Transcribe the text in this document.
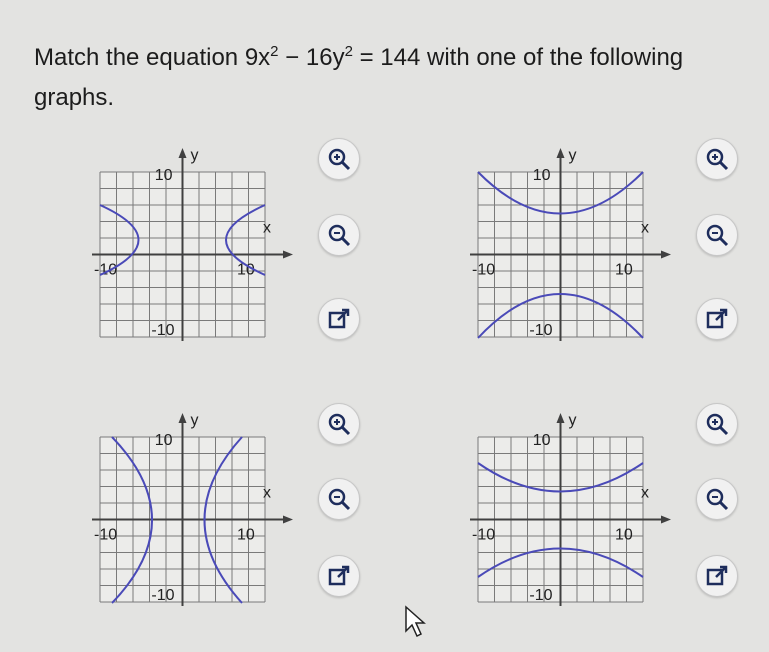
Match the equation $9x^2 - 16y^2 = 144$ with one of the following graphs.
y
x
10
-10
-10	10
y
x
10
-10
-10	10
y
x
10
-10
-10	10
y
x
10
-10
-10	10
